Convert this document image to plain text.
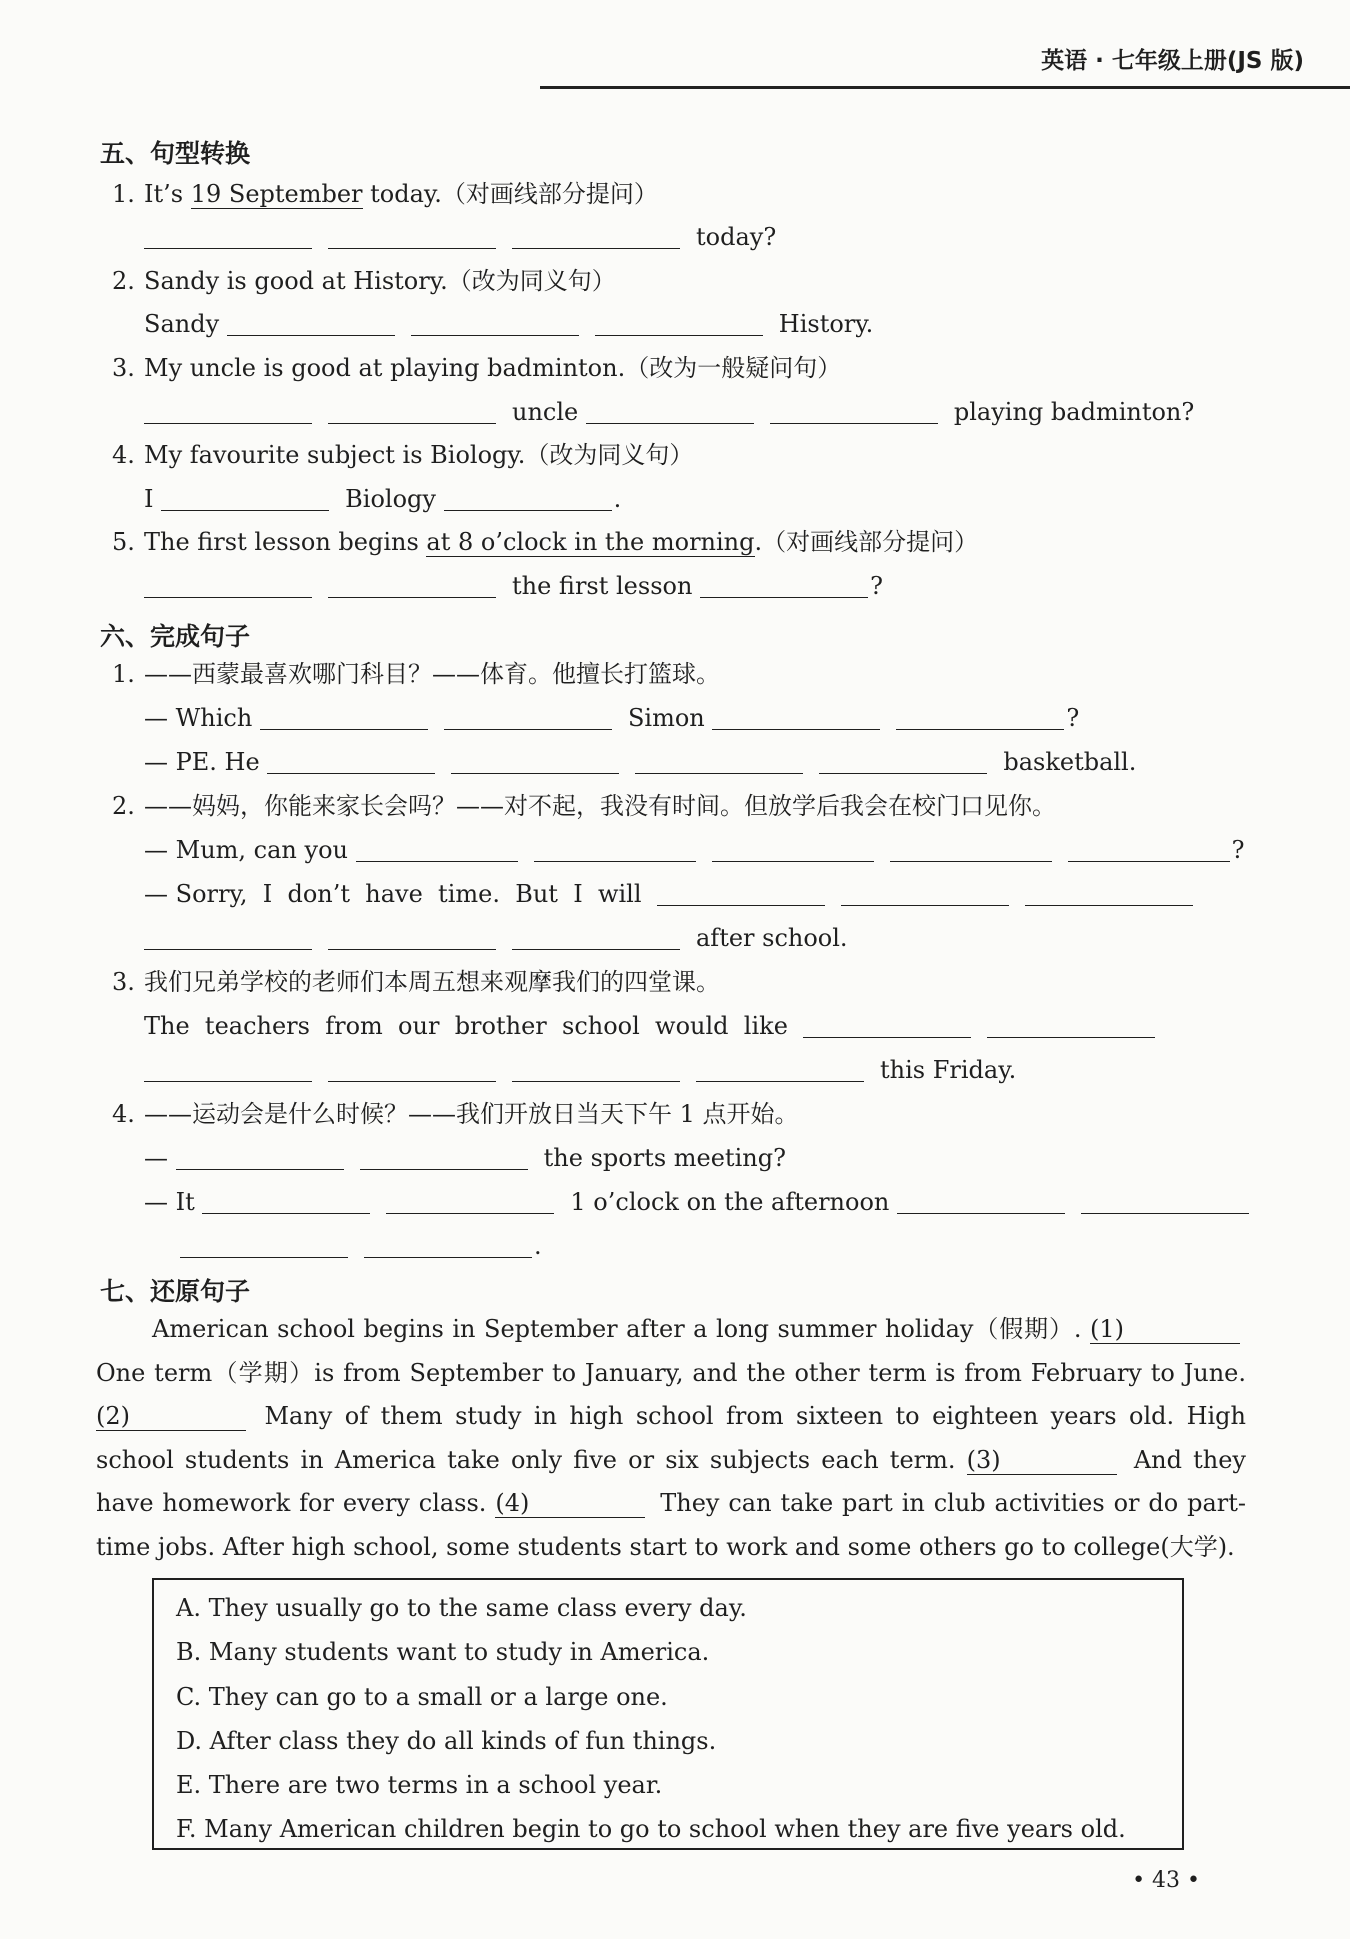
英语 · 七年级上册(JS 版)
五、句型转换
1. It’s 19 September today.（对画线部分提问）
today?
2. Sandy is good at History.（改为同义句）
Sandy	History.
3. My uncle is good at playing badminton.（改为一般疑问句）
uncle	playing badminton?
4. My favourite subject is Biology.（改为同义句）
I	Biology	.
5. The first lesson begins at 8 o’clock in the morning.（对画线部分提问）
the first lesson	?
六、完成句子
1. ——西蒙最喜欢哪门科目？——体育。他擅长打篮球。
— Which	Simon	?
— PE. He	basketball.
2. ——妈妈，你能来家长会吗？——对不起，我没有时间。但放学后我会在校门口见你。
— Mum, can you	?
— Sorry,  I  don’t  have  time.  But  I  will
after school.
3. 我们兄弟学校的老师们本周五想来观摩我们的四堂课。
The  teachers  from  our  brother  school  would  like
this Friday.
4. ——运动会是什么时候？——我们开放日当天下午 1 点开始。
—	the sports meeting?
— It	1 o’clock on the afternoon
.
七、还原句子

American school begins in September after a long summer holiday（假期）. (1) One term（学期）is from September to January, and the other term is from February to June. (2)	Many of them study in high school from sixteen to eighteen years old. High school students in America take only five or six subjects each term. (3)	And they have homework for every class. (4)	They can take part in club activities or do part-time jobs. After high school, some students start to work and some others go to college(大学).

A. They usually go to the same class every day.
B. Many students want to study in America.
C. They can go to a small or a large one.
D. After class they do all kinds of fun things.
E. There are two terms in a school year.
F. Many American children begin to go to school when they are five years old.
• 43 •
